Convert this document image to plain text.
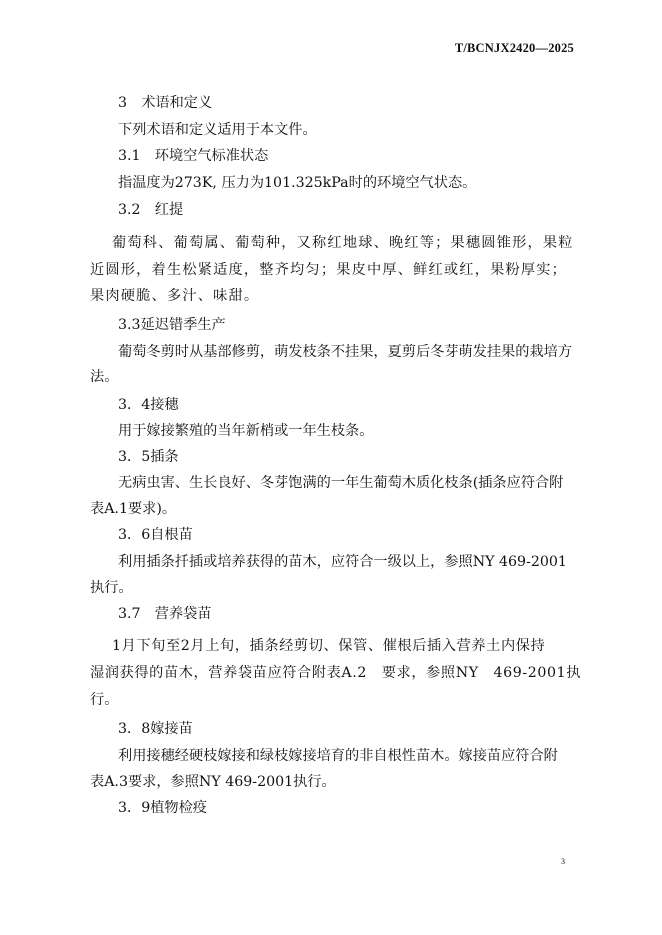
T/BCNJX2420—2025
3　术语和定义
下列术语和定义适用于本文件。
3.1　环境空气标准状态
指温度为273K, 压力为101.325kPa时的环境空气状态。
3.2　红提
葡萄科、葡萄属、葡萄种，又称红地球、晚红等；果穗圆锥形，果粒
近圆形，着生松紧适度，整齐均匀；果皮中厚、鲜红或红，果粉厚实；
果肉硬脆、多汁、味甜。
3.3延迟错季生产
葡萄冬剪时从基部修剪，萌发枝条不挂果，夏剪后冬芽萌发挂果的栽培方
法。
3．4接穗
用于嫁接繁殖的当年新梢或一年生枝条。
3．5插条
无病虫害、生长良好、冬芽饱满的一年生葡萄木质化枝条(插条应符合附
表A.1要求)。
3．6自根苗
利用插条扦插或培养获得的苗木，应符合一级以上，参照NY 469-2001
执行。
3.7　营养袋苗
1月下旬至2月上旬，插条经剪切、保管、催根后插入营养土内保持
湿润获得的苗木，营养袋苗应符合附表A.2　要求，参照NY　469-2001执
行。
3．8嫁接苗
利用接穗经硬枝嫁接和绿枝嫁接培育的非自根性苗木。嫁接苗应符合附
表A.3要求，参照NY 469-2001执行。
3．9植物检疫
3
